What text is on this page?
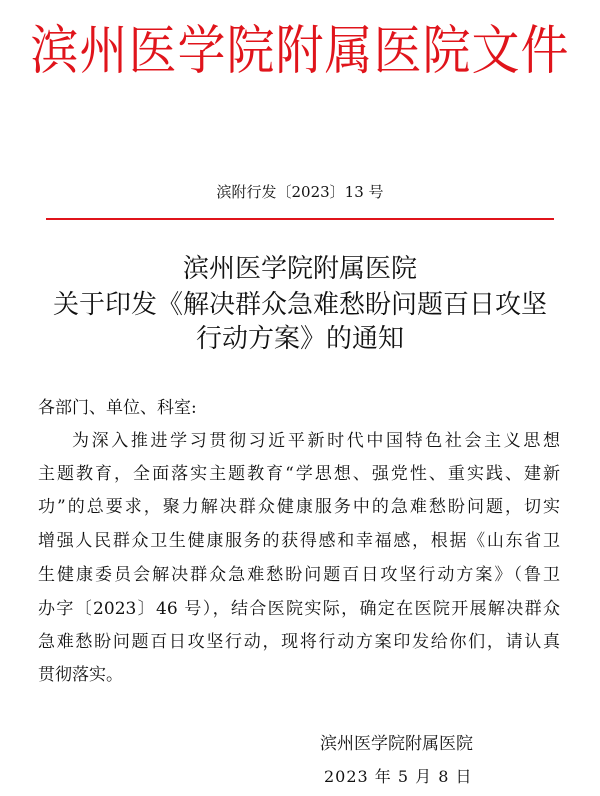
滨州医学院附属医院文件
滨附行发〔2023〕13 号
滨州医学院附属医院
关于印发《解决群众急难愁盼问题百日攻坚
行动方案》的通知
各部门、单位、科室:
为深入推进学习贯彻习近平新时代中国特色社会主义思想
主题教育，全面落实主题教育“学思想、强党性、重实践、建新
功”的总要求，聚力解决群众健康服务中的急难愁盼问题，切实
增强人民群众卫生健康服务的获得感和幸福感，根据《山东省卫
生健康委员会解决群众急难愁盼问题百日攻坚行动方案》（鲁卫
办字〔2023〕46 号），结合医院实际，确定在医院开展解决群众
急难愁盼问题百日攻坚行动，现将行动方案印发给你们，请认真
贯彻落实。
滨州医学院附属医院
2023 年 5 月 8 日
